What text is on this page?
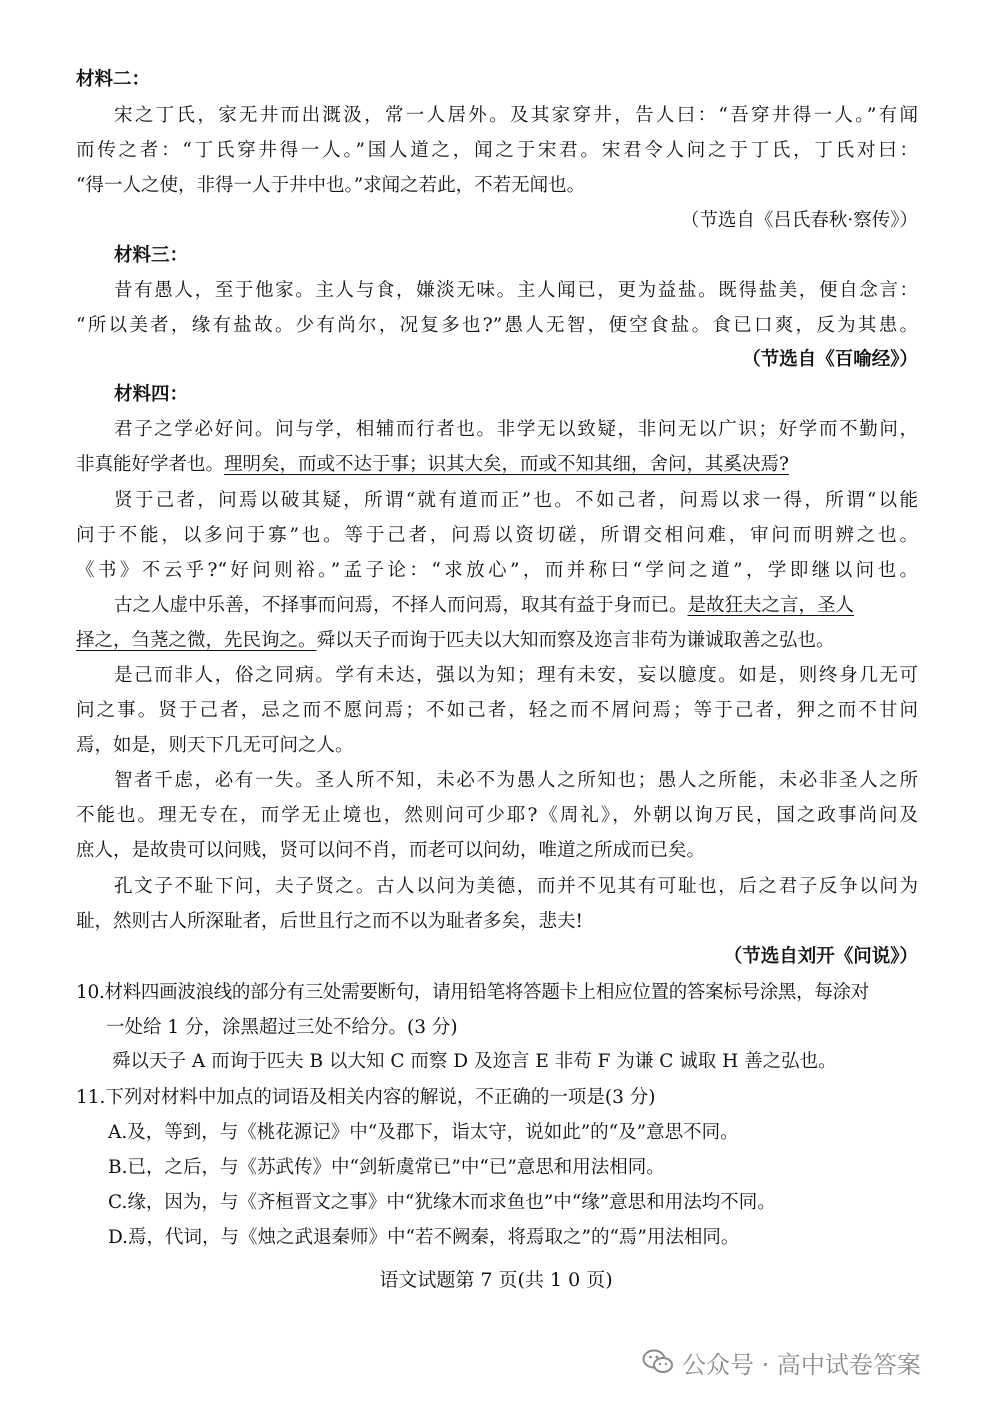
材料二：
宋之丁氏，家无井而出溉汲，常一人居外。及其家穿井，告人曰：“吾穿井得一人。”有闻
而传之者：“丁氏穿井得一人。”国人道之，闻之于宋君。宋君令人问之于丁氏，丁氏对曰：
“得一人之使，非得一人于井中也。”求闻之若此，不若无闻也。
（节选自《吕氏春秋·察传》）
材料三：
昔有愚人，至于他家。主人与食，嫌淡无味。主人闻已，更为益盐。既得盐美，便自念言：
“所以美者，缘有盐故。少有尚尔，况复多也?”愚人无智，便空食盐。食已口爽，反为其患。
（节选自《百喻经》）
材料四：
君子之学必好问。问与学，相辅而行者也。非学无以致疑，非问无以广识；好学而不勤问，
非真能好学者也。理明矣，而或不达于事；识其大矣，而或不知其细，舍问，其奚决焉?
贤于己者，问焉以破其疑，所谓“就有道而正”也。不如己者，问焉以求一得，所谓“以能
问于不能，以多问于寡”也。等于己者，问焉以资切磋，所谓交相问难，审问而明辨之也。
《书》不云乎?“好问则裕。”孟子论：“求放心”，而并称曰“学问之道”，学即继以问也。
古之人虚中乐善，不择事而问焉，不择人而问焉，取其有益于身而已。是故狂夫之言，圣人
择之，刍荛之微，先民询之。舜以天子而询于匹夫以大知而察及迩言非苟为谦诚取善之弘也。
是己而非人，俗之同病。学有未达，强以为知；理有未安，妄以臆度。如是，则终身几无可
问之事。贤于己者，忌之而不愿问焉；不如己者，轻之而不屑问焉；等于己者，狎之而不甘问
焉，如是，则天下几无可问之人。
智者千虑，必有一失。圣人所不知，未必不为愚人之所知也；愚人之所能，未必非圣人之所
不能也。理无专在，而学无止境也，然则问可少耶?《周礼》，外朝以询万民，国之政事尚问及
庶人，是故贵可以问贱，贤可以问不肖，而老可以问幼，唯道之所成而已矣。
孔文子不耻下问，夫子贤之。古人以问为美德，而并不见其有可耻也，后之君子反争以问为
耻，然则古人所深耻者，后世且行之而不以为耻者多矣，悲夫!
（节选自刘开《问说》）
10.材料四画波浪线的部分有三处需要断句，请用铅笔将答题卡上相应位置的答案标号涂黑，每涂对
一处给 1 分，涂黑超过三处不给分。(3 分)
舜以天子 A 而询于匹夫 B 以大知 C 而察 D 及迩言 E 非苟 F 为谦 C 诚取 H 善之弘也。
11.下列对材料中加点的词语及相关内容的解说，不正确的一项是(3 分)
A.及，等到，与《桃花源记》中“及郡下，诣太守，说如此”的“及”意思不同。
B.已，之后，与《苏武传》中“剑斩虞常已”中“已”意思和用法相同。
C.缘，因为，与《齐桓晋文之事》中“犹缘木而求鱼也”中“缘”意思和用法均不同。
D.焉，代词，与《烛之武退秦师》中“若不阙秦，将焉取之”的“焉”用法相同。
语文试题第 7 页(共 1 0 页)
公众号 · 高中试卷答案
